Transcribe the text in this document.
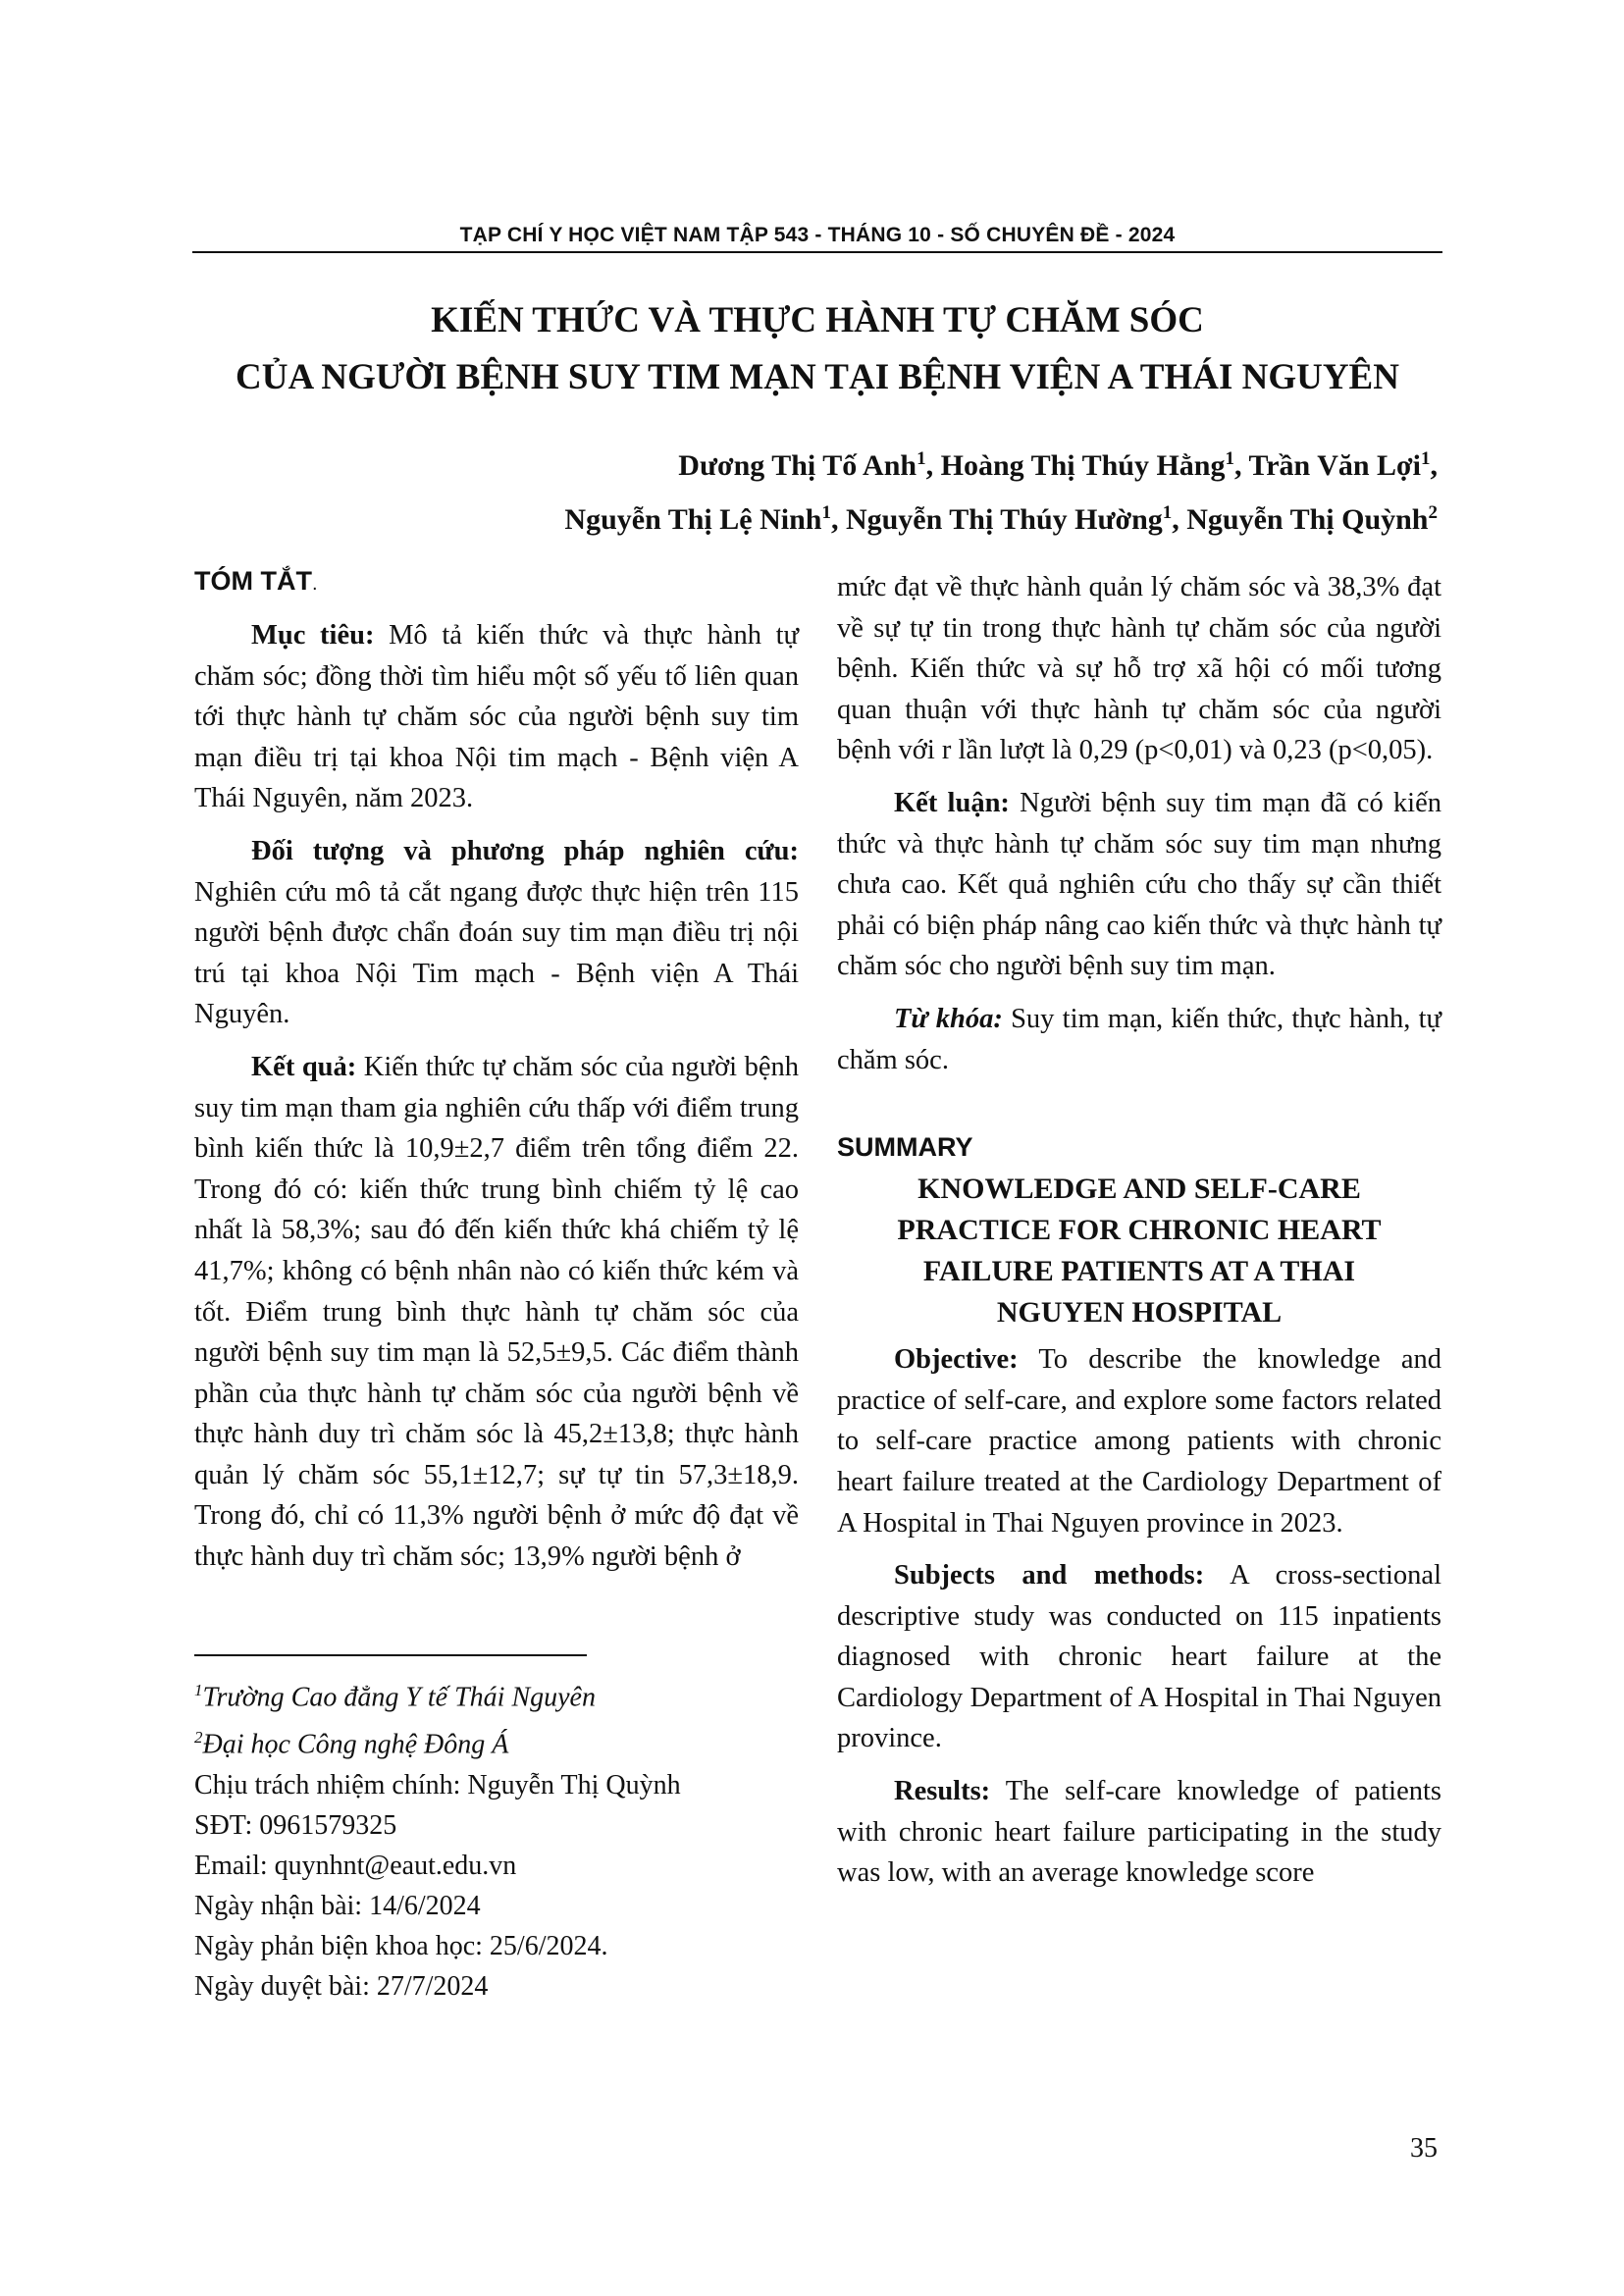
TẠP CHÍ Y HỌC VIỆT NAM TẬP 543 - THÁNG 10 - SỐ CHUYÊN ĐỀ - 2024
KIẾN THỨC VÀ THỰC HÀNH TỰ CHĂM SÓC
CỦA NGƯỜI BỆNH SUY TIM MẠN TẠI BỆNH VIỆN A THÁI NGUYÊN
Dương Thị Tố Anh$^1$, Hoàng Thị Thúy Hằng$^1$, Trần Văn Lợi$^1$,
Nguyễn Thị Lệ Ninh$^1$, Nguyễn Thị Thúy Hường$^1$, Nguyễn Thị Quỳnh$^2$
TÓM TẮT.

Mục tiêu: Mô tả kiến thức và thực hành tự chăm sóc; đồng thời tìm hiểu một số yếu tố liên quan tới thực hành tự chăm sóc của người bệnh suy tim mạn điều trị tại khoa Nội tim mạch - Bệnh viện A Thái Nguyên, năm 2023.

Đối tượng và phương pháp nghiên cứu: Nghiên cứu mô tả cắt ngang được thực hiện trên 115 người bệnh được chẩn đoán suy tim mạn điều trị nội trú tại khoa Nội Tim mạch - Bệnh viện A Thái Nguyên.

Kết quả: Kiến thức tự chăm sóc của người bệnh suy tim mạn tham gia nghiên cứu thấp với điểm trung bình kiến thức là 10,9±2,7 điểm trên tổng điểm 22. Trong đó có: kiến thức trung bình chiếm tỷ lệ cao nhất là 58,3%; sau đó đến kiến thức khá chiếm tỷ lệ 41,7%; không có bệnh nhân nào có kiến thức kém và tốt. Điểm trung bình thực hành tự chăm sóc của người bệnh suy tim mạn là 52,5±9,5. Các điểm thành phần của thực hành tự chăm sóc của người bệnh về thực hành duy trì chăm sóc là 45,2±13,8; thực hành quản lý chăm sóc 55,1±12,7; sự tự tin 57,3±18,9. Trong đó, chỉ có 11,3% người bệnh ở mức độ đạt về thực hành duy trì chăm sóc; 13,9% người bệnh ở

$^1$Trường Cao đẳng Y tế Thái Nguyên
$^2$Đại học Công nghệ Đông Á
Chịu trách nhiệm chính: Nguyễn Thị Quỳnh
SĐT: 0961579325
Email: quynhnt@eaut.edu.vn
Ngày nhận bài: 14/6/2024
Ngày phản biện khoa học: 25/6/2024.
Ngày duyệt bài: 27/7/2024

mức đạt về thực hành quản lý chăm sóc và 38,3% đạt về sự tự tin trong thực hành tự chăm sóc của người bệnh. Kiến thức và sự hỗ trợ xã hội có mối tương quan thuận với thực hành tự chăm sóc của người bệnh với r lần lượt là 0,29 (p<0,01) và 0,23 (p<0,05).

Kết luận: Người bệnh suy tim mạn đã có kiến thức và thực hành tự chăm sóc suy tim mạn nhưng chưa cao. Kết quả nghiên cứu cho thấy sự cần thiết phải có biện pháp nâng cao kiến thức và thực hành tự chăm sóc cho người bệnh suy tim mạn.

Từ khóa: Suy tim mạn, kiến thức, thực hành, tự chăm sóc.

SUMMARY
KNOWLEDGE AND SELF-CARE
PRACTICE FOR CHRONIC HEART
FAILURE PATIENTS AT A THAI
NGUYEN HOSPITAL

Objective: To describe the knowledge and practice of self-care, and explore some factors related to self-care practice among patients with chronic heart failure treated at the Cardiology Department of A Hospital in Thai Nguyen province in 2023.

Subjects and methods: A cross-sectional descriptive study was conducted on 115 inpatients diagnosed with chronic heart failure at the Cardiology Department of A Hospital in Thai Nguyen province.

Results: The self-care knowledge of patients with chronic heart failure participating in the study was low, with an average knowledge score

35
